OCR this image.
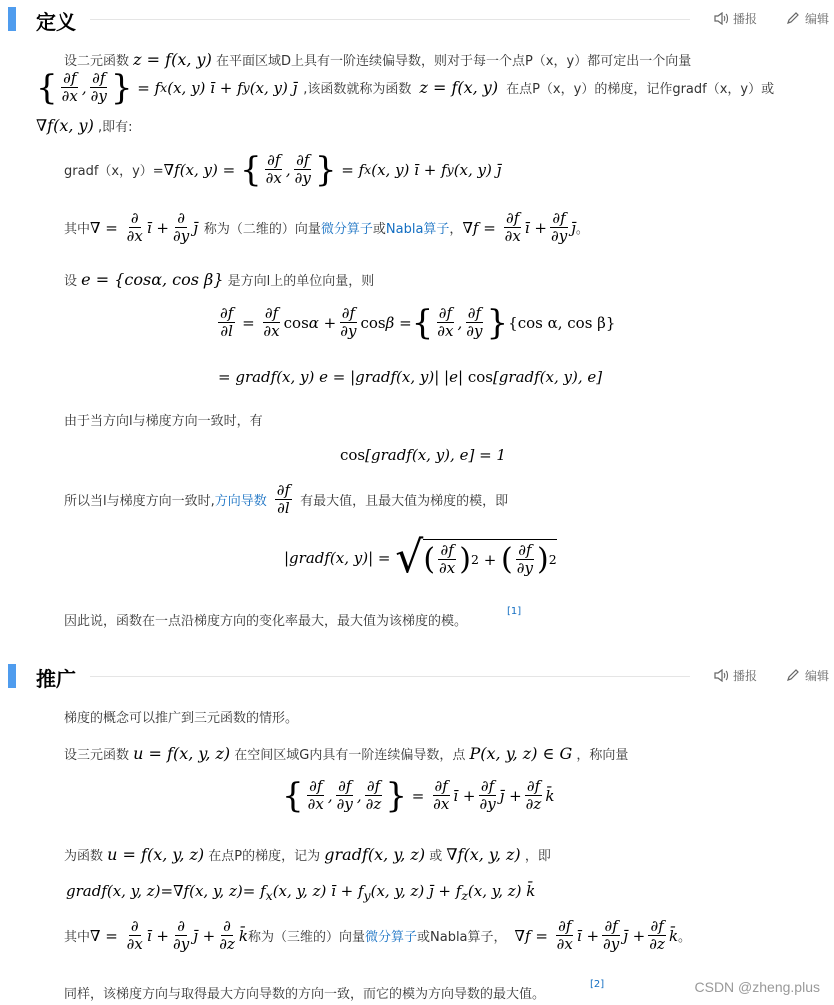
定义	播报	编辑
设二元函数 z = f(x, y) 在平面区域D上具有一阶连续偏导数，则对于每一个点P（x，y）都可定出一个向量
{ $\frac{\partial f}{\partial x}$ , $\frac{\partial f}{\partial y}$ } = f x (x, y) ī + f y (x, y) j̄ ,该函数就称为函数 z = f(x, y) 在点P（x，y）的梯度，记作gradf（x，y）或
∇f(x, y) ,即有:
gradf（x，y）= ∇f(x, y) = { $\frac{\partial f}{\partial x}$ , $\frac{\partial f}{\partial y}$ } = f x (x, y) ī + f y (x, y) j̄
其中 ∇ = $\frac{\partial}{\partial x}$ ī + $\frac{\partial}{\partial y}$ j̄ 称为（二维的）向量 微分算子 或 Nabla算子 ， $\nabla f = \frac{\partial f}{\partial x}$ ī + $\frac{\partial f}{\partial y}$ j̄ 。
设 e = {cosα, cos β} 是方向l上的单位向量，则
$\frac{\partial f}{\partial l} = \frac{\partial f}{\partial x}$ $\cos \alpha + \frac{\partial f}{\partial y}$ cos β = { $\frac{\partial f}{\partial x}$ , $\frac{\partial f}{\partial y}$ } {cos α, cos β}
= gradf(x, y) e = |gradf(x, y)| |e| cos[gradf(x, y), e]
由于当方向l与梯度方向一致时，有
cos[gradf(x, y), e] = 1
所以当l与梯度方向一致时, 方向导数 $\frac{\partial f}{\partial l}$ 有最大值，且最大值为梯度的模，即
|gradf(x, y)| = √ ( $\frac{\partial f}{\partial x}$ ) 2 + ( $\frac{\partial f}{\partial y}$ ) 2
因此说，函数在一点沿梯度方向的变化率最大，最大值为该梯度的模。
[1]
推广	播报	编辑
梯度的概念可以推广到三元函数的情形。
设三元函数 u = f(x, y, z) 在空间区域G内具有一阶连续偏导数，点 P(x, y, z) ∈ G ，称向量
{ $\frac{\partial f}{\partial x}$ , $\frac{\partial f}{\partial y}$ , $\frac{\partial f}{\partial z}$ } = $\frac{\partial f}{\partial x}$ ī + $\frac{\partial f}{\partial y}$ j̄ + $\frac{\partial f}{\partial z}$ k̄
为函数 u = f(x, y, z) 在点P的梯度，记为 gradf(x, y, z) 或 ∇f(x, y, z) ，即
gradf(x, y, z)=∇f(x, y, $z)= f_x(x$, y, z) ī + $f_y(x$, y, z) j̄ + $f_z(x$, y, z) k̄
其中 ∇ = $\frac{\partial}{\partial x}$ ī + $\frac{\partial}{\partial y}$ j̄ + $\frac{\partial}{\partial z}$ k̄ 称为（三维的）向量 微分算子 或 Nabla算子， $\nabla f = \frac{\partial f}{\partial x}$ ī + $\frac{\partial f}{\partial y}$ j̄ + $\frac{\partial f}{\partial z}$ k̄ 。
同样，该梯度方向与取得最大方向导数的方向一致，而它的模为方向导数的最大值。
[2]	CSDN @zheng.plus
